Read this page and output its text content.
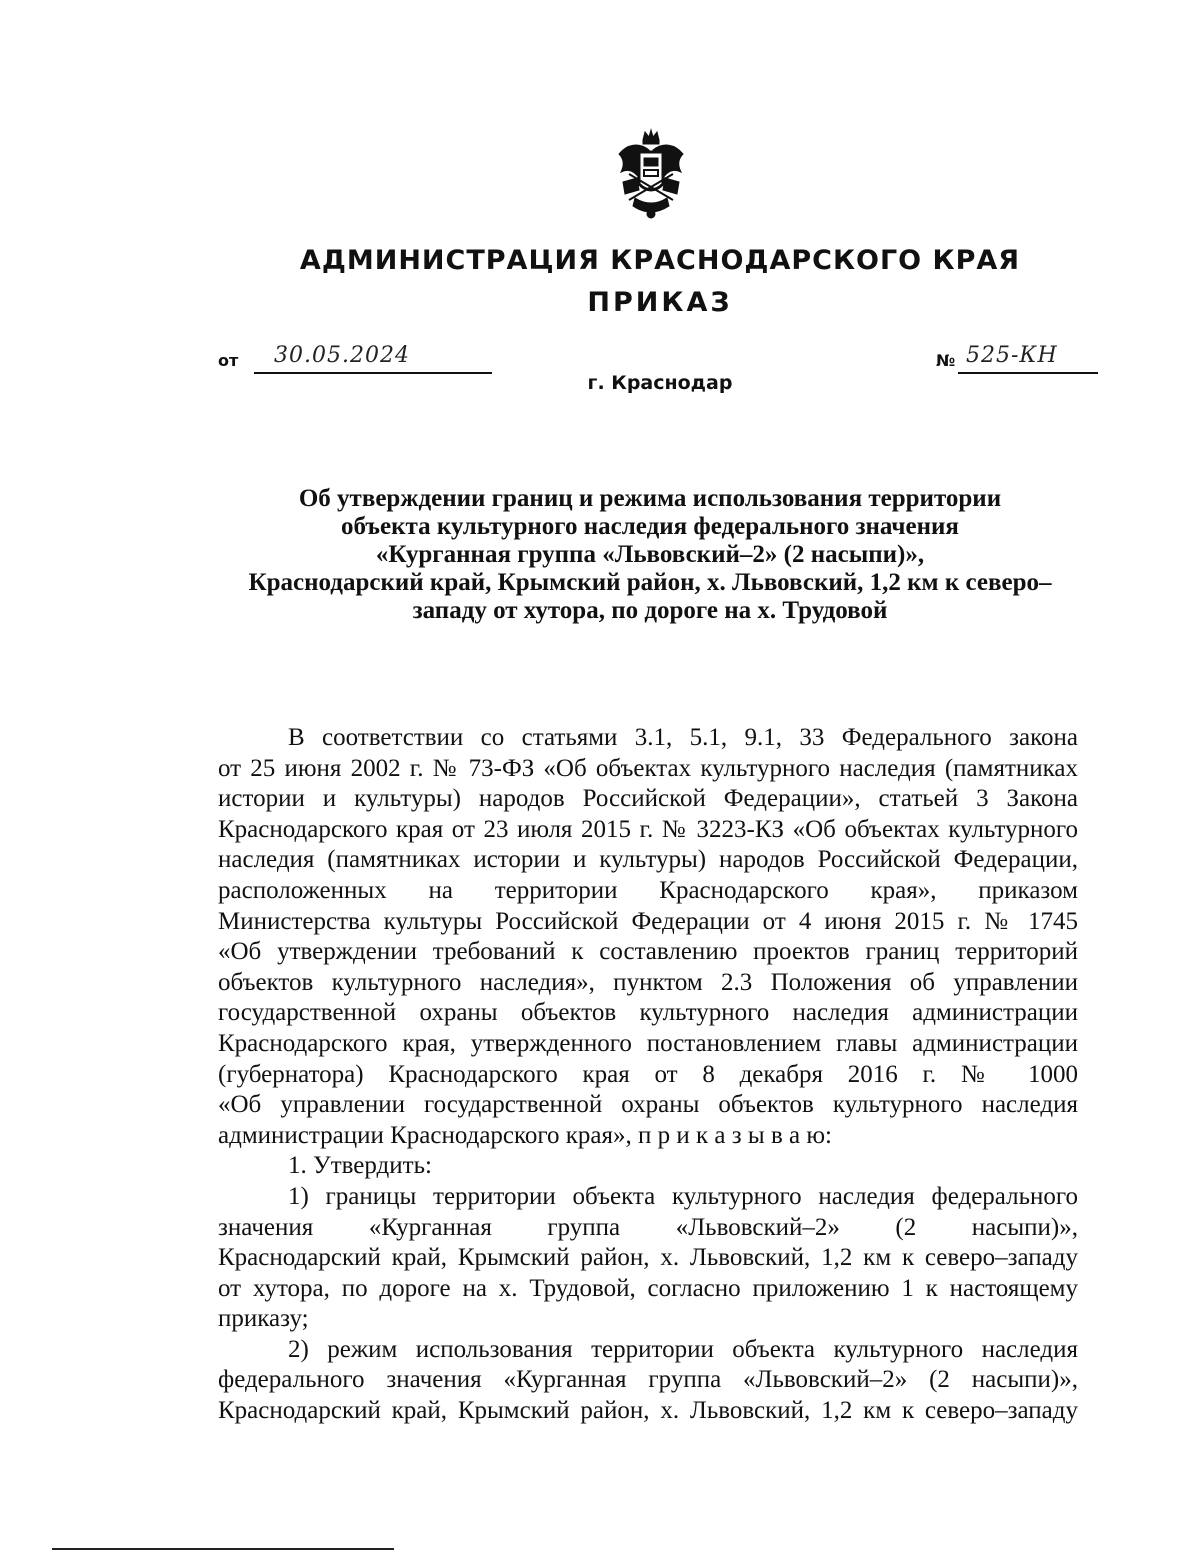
АДМИНИСТРАЦИЯ КРАСНОДАРСКОГО КРАЯ
ПРИКАЗ
от 30.05.2024	№ 525-КН
г. Краснодар
Об утверждении границ и режима использования территории
объекта культурного наследия федерального значения
«Курганная группа «Львовский–2» (2 насыпи)»,
Краснодарский край, Крымский район, х. Львовский, 1,2 км к северо–
западу от хутора, по дороге на х. Трудовой
В соответствии со статьями 3.1, 5.1, 9.1, 33 Федерального закона
от 25 июня 2002 г. № 73-ФЗ «Об объектах культурного наследия (памятниках
истории и культуры) народов Российской Федерации», статьей 3 Закона
Краснодарского края от 23 июля 2015 г. № 3223-КЗ «Об объектах культурного
наследия (памятниках истории и культуры) народов Российской Федерации,
расположенных на территории Краснодарского края», приказом
Министерства культуры Российской Федерации от 4 июня 2015 г. № 1745
«Об утверждении требований к составлению проектов границ территорий
объектов культурного наследия», пунктом 2.3 Положения об управлении
государственной охраны объектов культурного наследия администрации
Краснодарского края, утвержденного постановлением главы администрации
(губернатора) Краснодарского края от 8 декабря 2016 г. № 1000
«Об управлении государственной охраны объектов культурного наследия
администрации Краснодарского края», п р и к а з ы в а ю:
1. Утвердить:
1) границы территории объекта культурного наследия федерального
значения «Курганная группа «Львовский–2» (2 насыпи)»,
Краснодарский край, Крымский район, х. Львовский, 1,2 км к северо–западу
от хутора, по дороге на х. Трудовой, согласно приложению 1 к настоящему
приказу;
2) режим использования территории объекта культурного наследия
федерального значения «Курганная группа «Львовский–2» (2 насыпи)»,
Краснодарский край, Крымский район, х. Львовский, 1,2 км к северо–западу
